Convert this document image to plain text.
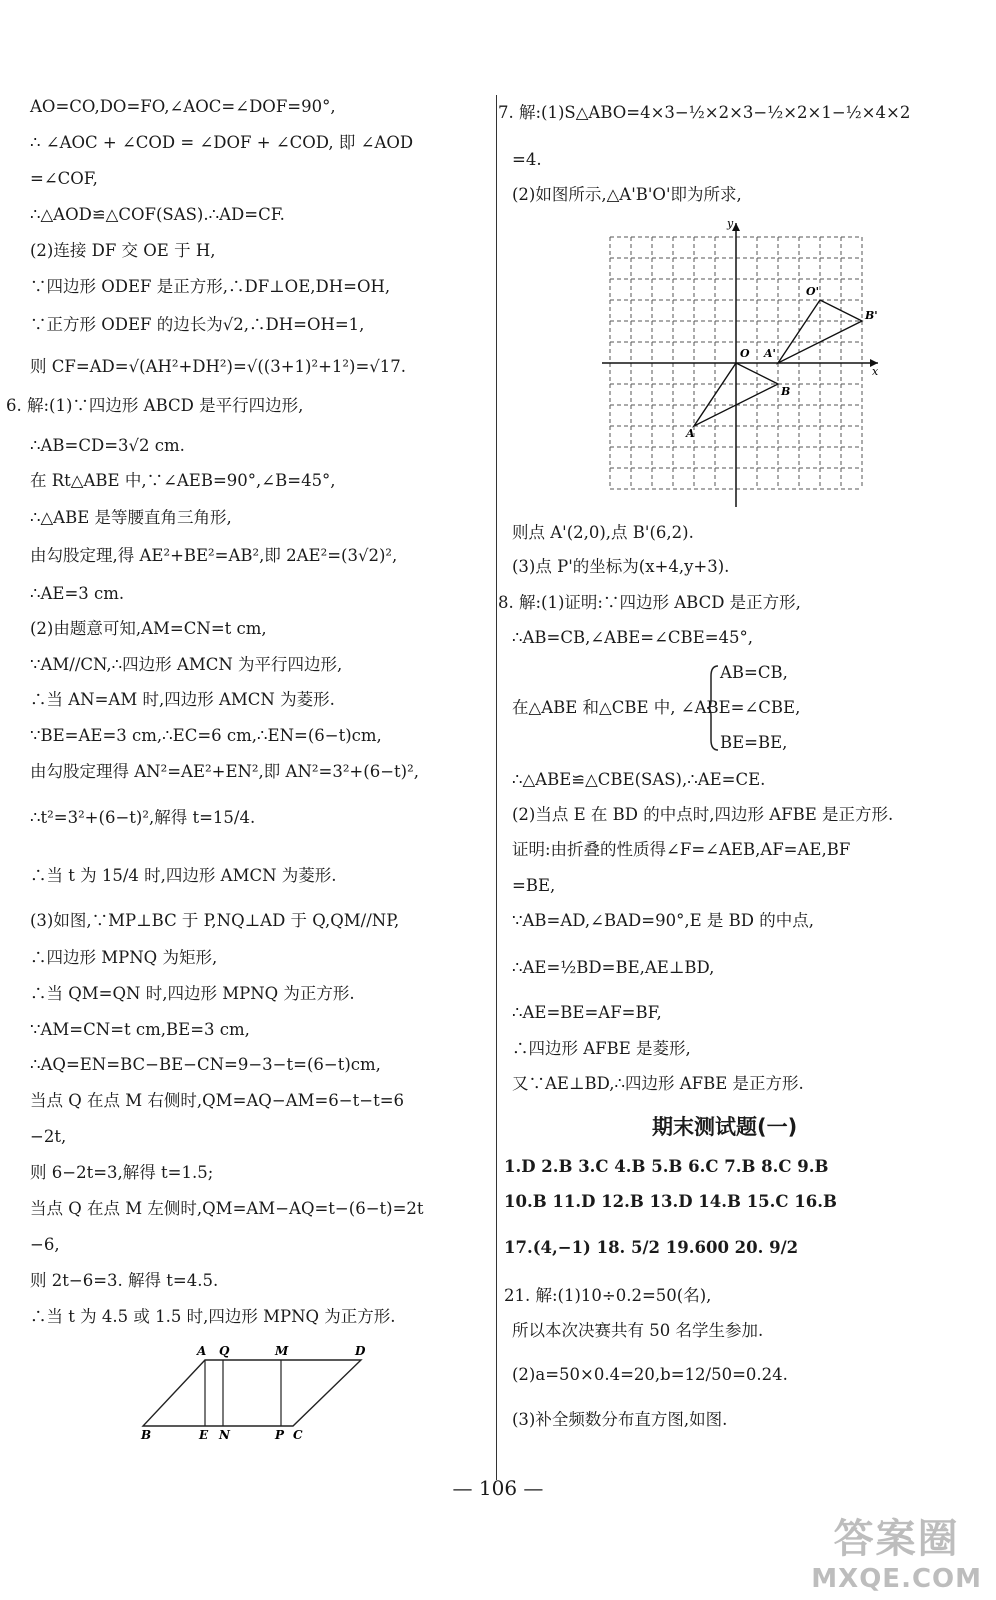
AO=CO,DO=FO,∠AOC=∠DOF=90°,
∴ ∠AOC + ∠COD = ∠DOF + ∠COD, 即 ∠AOD
=∠COF,
∴△AOD≌△COF(SAS).∴AD=CF.
(2)连接 DF 交 OE 于 H,
∵四边形 ODEF 是正方形,∴DF⊥OE,DH=OH,
∵正方形 ODEF 的边长为√2,∴DH=OH=1,
则 CF=AD=√(AH²+DH²)=√((3+1)²+1²)=√17.
6. 解:(1)∵四边形 ABCD 是平行四边形,
∴AB=CD=3√2 cm.
在 Rt△ABE 中,∵∠AEB=90°,∠B=45°,
∴△ABE 是等腰直角三角形,
由勾股定理,得 AE²+BE²=AB²,即 2AE²=(3√2)²,
∴AE=3 cm.
(2)由题意可知,AM=CN=t cm,
∵AM//CN,∴四边形 AMCN 为平行四边形,
∴当 AN=AM 时,四边形 AMCN 为菱形.
∵BE=AE=3 cm,∴EC=6 cm,∴EN=(6−t)cm,
由勾股定理得 AN²=AE²+EN²,即 AN²=3²+(6−t)²,
∴t²=3²+(6−t)²,解得 t=15/4.
∴当 t 为 15/4 时,四边形 AMCN 为菱形.
(3)如图,∵MP⊥BC 于 P,NQ⊥AD 于 Q,QM//NP,
∴四边形 MPNQ 为矩形,
∴当 QM=QN 时,四边形 MPNQ 为正方形.
∵AM=CN=t cm,BE=3 cm,
∴AQ=EN=BC−BE−CN=9−3−t=(6−t)cm,
当点 Q 在点 M 右侧时,QM=AQ−AM=6−t−t=6
−2t,
则 6−2t=3,解得 t=1.5;
当点 Q 在点 M 左侧时,QM=AM−AQ=t−(6−t)=2t
−6,
则 2t−6=3. 解得 t=4.5.
∴当 t 为 4.5 或 1.5 时,四边形 MPNQ 为正方形.
A Q	M	D
B	E N	P C
7. 解:(1)S△ABO=4×3−½×2×3−½×2×1−½×4×2
=4.
(2)如图所示,△A'B'O'即为所求,
则点 A'(2,0),点 B'(6,2).
(3)点 P'的坐标为(x+4,y+3).
8. 解:(1)证明:∵四边形 ABCD 是正方形,
∴AB=CB,∠ABE=∠CBE=45°,
AB=CB,
在△ABE 和△CBE 中, ∠ABE=∠CBE,
BE=BE,
∴△ABE≌△CBE(SAS),∴AE=CE.
(2)当点 E 在 BD 的中点时,四边形 AFBE 是正方形.
证明:由折叠的性质得∠F=∠AEB,AF=AE,BF
=BE,
∵AB=AD,∠BAD=90°,E 是 BD 的中点,
∴AE=½BD=BE,AE⊥BD,
∴AE=BE=AF=BF,
∴四边形 AFBE 是菱形,
又∵AE⊥BD,∴四边形 AFBE 是正方形.
期末测试题(一)
1.D 2.B 3.C 4.B 5.B 6.C 7.B 8.C 9.B
10.B 11.D 12.B 13.D 14.B 15.C 16.B
17.(4,−1) 18. 5/2 19.600 20. 9/2
21. 解:(1)10÷0.2=50(名),
所以本次决赛共有 50 名学生参加.
(2)a=50×0.4=20,b=12/50=0.24.
(3)补全频数分布直方图,如图.
y
x
O A'
O'
B'
B
A
— 106 —
答案圈
MXQE.COM
